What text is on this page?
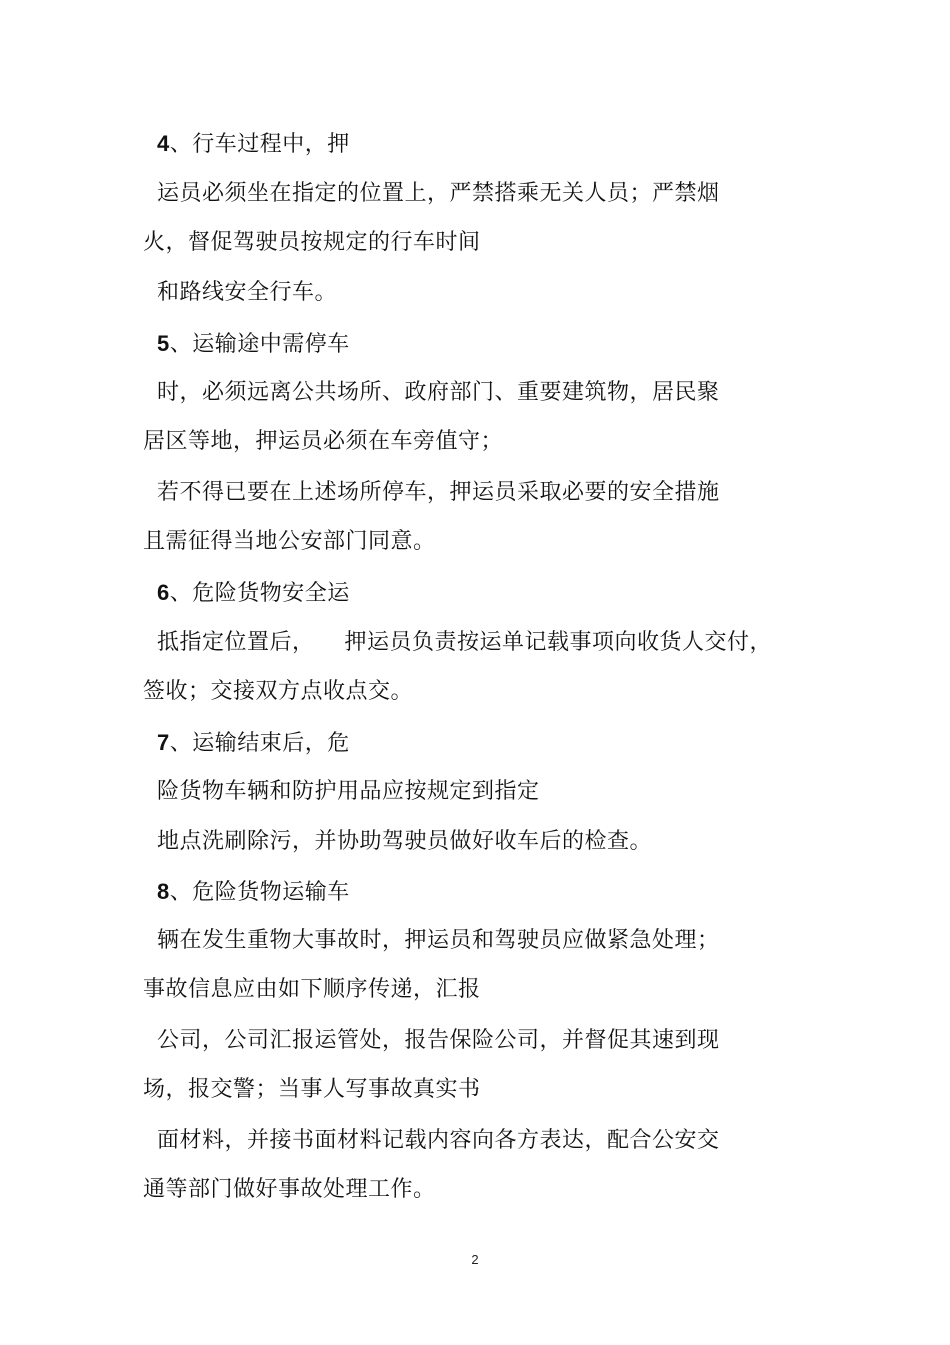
4、行车过程中，押
运员必须坐在指定的位置上，严禁搭乘无关人员；严禁烟
火，督促驾驶员按规定的行车时间
和路线安全行车。
5、运输途中需停车
时，必须远离公共场所、政府部门、重要建筑物，居民聚
居区等地，押运员必须在车旁值守；
若不得已要在上述场所停车，押运员采取必要的安全措施
且需征得当地公安部门同意。
6、危险货物安全运
抵指定位置后，    押运员负责按运单记载事项向收货人交付，
签收；交接双方点收点交。
7、运输结束后，危
险货物车辆和防护用品应按规定到指定
地点洗刷除污，并协助驾驶员做好收车后的检查。
8、危险货物运输车
辆在发生重物大事故时，押运员和驾驶员应做紧急处理；
事故信息应由如下顺序传递，汇报
公司，公司汇报运管处，报告保险公司，并督促其速到现
场，报交警；当事人写事故真实书
面材料，并接书面材料记载内容向各方表达，配合公安交
通等部门做好事故处理工作。
2
